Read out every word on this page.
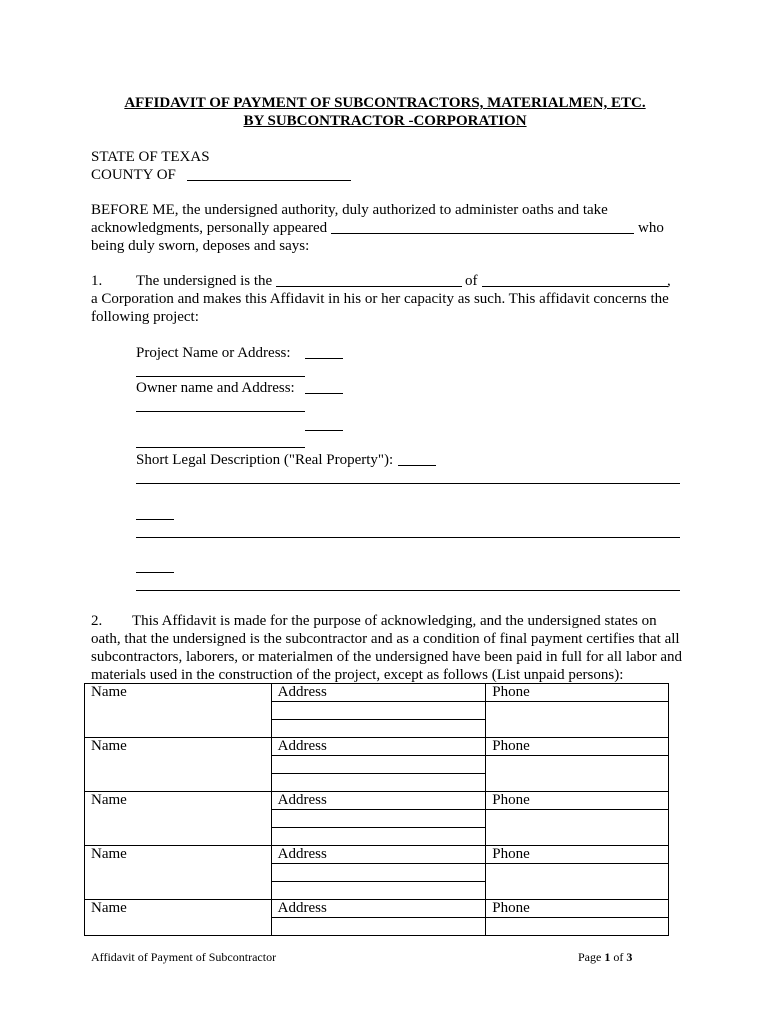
AFFIDAVIT OF PAYMENT OF SUBCONTRACTORS, MATERIALMEN, ETC.
BY SUBCONTRACTOR -CORPORATION
STATE OF TEXAS
COUNTY OF
BEFORE ME, the undersigned authority, duly authorized to administer oaths and take
acknowledgments, personally appeared	who
being duly sworn, deposes and says:
1. The undersigned is the	of	,
a Corporation and makes this Affidavit in his or her capacity as such. This affidavit concerns the
following project:
Project Name or Address:
Owner name and Address:
Short Legal Description ("Real Property"):
2.        This Affidavit is made for the purpose of acknowledging, and the undersigned states on oath, that the undersigned is the subcontractor and as a condition of final payment certifies that all subcontractors, laborers, or materialmen of the undersigned have been paid in full for all labor and materials used in the construction of the project, except as follows (List unpaid persons):
Name	Address	Phone

Name	Address	Phone

Name	Address	Phone

Name	Address	Phone

Name	Address	Phone

Affidavit of Payment of Subcontractor	Page 1 of 3
